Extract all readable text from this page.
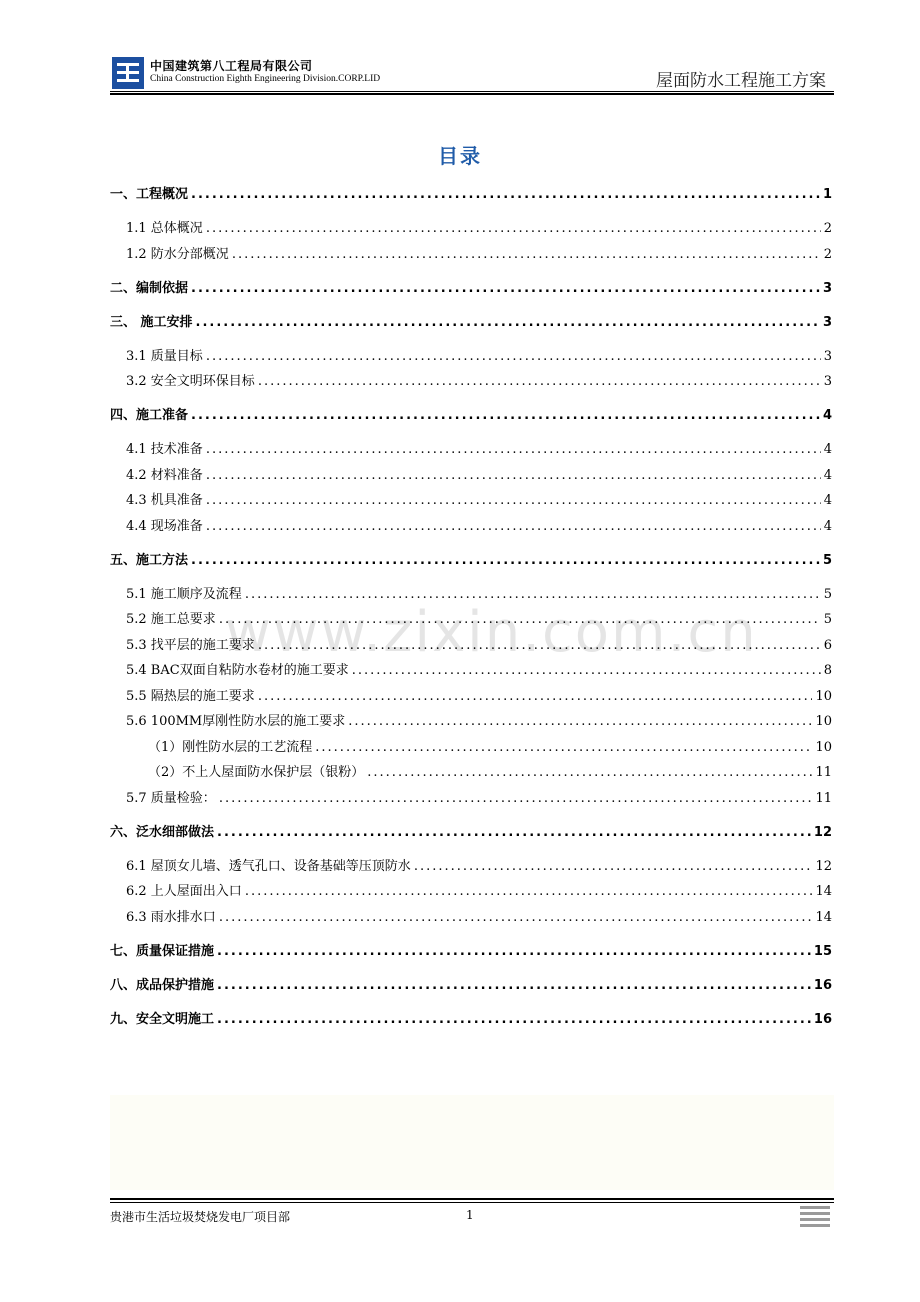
中国建筑第八工程局有限公司
China Construction Eighth Engineering Division.CORP.LID	屋面防水工程施工方案
目录
www.zixin.com.cn
一、工程概况 .....	1
1.1 总体概况 .....	2
1.2 防水分部概况 .....	2
二、编制依据 .....	3
三、 施工安排 .....	3
3.1 质量目标 .....	3
3.2 安全文明环保目标 .....	3
四、施工准备 .....	4
4.1 技术准备 .....	4
4.2 材料准备 .....	4
4.3 机具准备 .....	4
4.4 现场准备 .....	4
五、施工方法 .....	5
5.1 施工顺序及流程 .....	5
5.2 施工总要求 .....	5
5.3 找平层的施工要求 .....	6
5.4 BAC双面自粘防水卷材的施工要求 .....	8
5.5 隔热层的施工要求 .....	10
5.6 100MM厚刚性防水层的施工要求 .....	10
（1）刚性防水层的工艺流程 .....	10
（2）不上人屋面防水保护层（银粉） .....	11
5.7 质量检验： .....	11
六、泛水细部做法 .....	12
6.1 屋顶女儿墙、透气孔口、设备基础等压顶防水 .....	12
6.2 上人屋面出入口 .....	14
6.3 雨水排水口 .....	14
七、质量保证措施 .....	15
八、成品保护措施 .....	16
九、安全文明施工 .....	16
贵港市生活垃圾焚烧发电厂项目部	1
